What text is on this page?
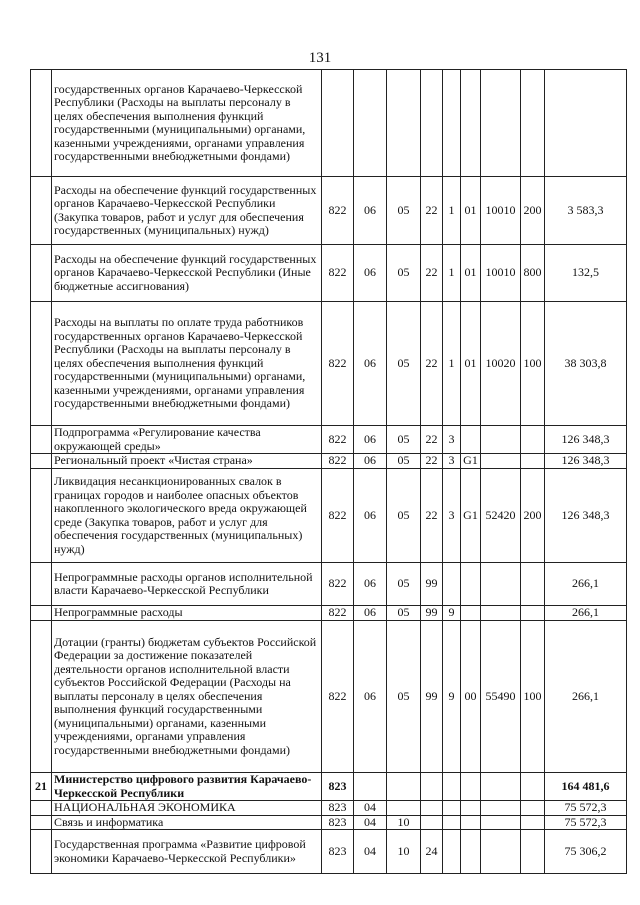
131
	государственных органов Карачаево-Черкесской Республики (Расходы на выплаты персоналу в целях обеспечения выполнения функций государственными (муниципальными) органами, казенными учреждениями, органами управления государственными внебюджетными фондами)									
	Расходы на обеспечение функций государственных органов Карачаево-Черкесской Республики (Закупка товаров, работ и услуг для обеспечения государственных (муниципальных) нужд)	822	06	05	22	1	01	10010	200	3 583,3
	Расходы на обеспечение функций государственных органов Карачаево-Черкесской Республики (Иные бюджетные ассигнования)	822	06	05	22	1	01	10010	800	132,5
	Расходы на выплаты по оплате труда работников государственных органов Карачаево-Черкесской Республики (Расходы на выплаты персоналу в целях обеспечения выполнения функций государственными (муниципальными) органами, казенными учреждениями, органами управления государственными внебюджетными фондами)	822	06	05	22	1	01	10020	100	38 303,8
	Подпрограмма «Регулирование качества окружающей среды»	822	06	05	22	3				126 348,3
	Региональный проект «Чистая страна»	822	06	05	22	3	G1			126 348,3
	Ликвидация несанкционированных свалок в границах городов и наиболее опасных объектов накопленного экологического вреда окружающей среде (Закупка товаров, работ и услуг для обеспечения государственных (муниципальных) нужд)	822	06	05	22	3	G1	52420	200	126 348,3
	Непрограммные расходы органов исполнительной власти Карачаево-Черкесской Республики	822	06	05	99					266,1
	Непрограммные расходы	822	06	05	99	9				266,1
	Дотации (гранты) бюджетам субъектов Российской Федерации за достижение показателей деятельности органов исполнительной власти субъектов Российской Федерации (Расходы на выплаты персоналу в целях обеспечения выполнения функций государственными (муниципальными) органами, казенными учреждениями, органами управления государственными внебюджетными фондами)	822	06	05	99	9	00	55490	100	266,1
21	Министерство цифрового развития Карачаево-Черкесской Республики	823								164 481,6
	НАЦИОНАЛЬНАЯ ЭКОНОМИКА	823	04							75 572,3
	Связь и информатика	823	04	10						75 572,3
	Государственная программа «Развитие цифровой экономики Карачаево-Черкесской Республики»	823	04	10	24					75 306,2
